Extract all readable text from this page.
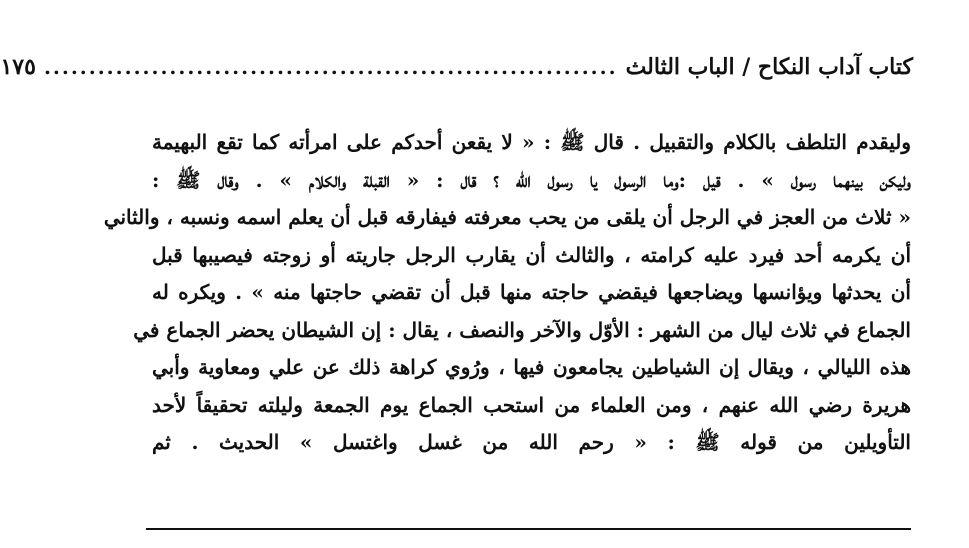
كتاب آداب النكاح / الباب الثالث
................................................................
١٧٥
وليقدم التلطف بالكلام والتقبيل . قال ﷺ : « لا يقعن أحدكم على امرأته كما تقع البهيمة
وليكن بينهما رسول » . قيل :وما الرسول يا رسول الله ؟ قال : « القبلة والكلام » . وقال ﷺ :
« ثلاث من العجز في الرجل أن يلقى من يحب معرفته فيفارقه قبل أن يعلم اسمه ونسبه ، والثاني
أن يكرمه أحد فيرد عليه كرامته ، والثالث أن يقارب الرجل جاريته أو زوجته فيصيبها قبل
أن يحدثها ويؤانسها ويضاجعها فيقضي حاجته منها قبل أن تقضي حاجتها منه » . ويكره له
الجماع في ثلاث ليال من الشهر : الأوّل والآخر والنصف ، يقال : إن الشيطان يحضر الجماع في
هذه الليالي ، ويقال إن الشياطين يجامعون فيها ، ورُوي كراهة ذلك عن علي ومعاوية وأبي
هريرة رضي الله عنهم ، ومن العلماء من استحب الجماع يوم الجمعة وليلته تحقيقاً لأحد
التأويلين من قوله ﷺ : « رحم الله من غسل واغتسل » الحديث . ثم
